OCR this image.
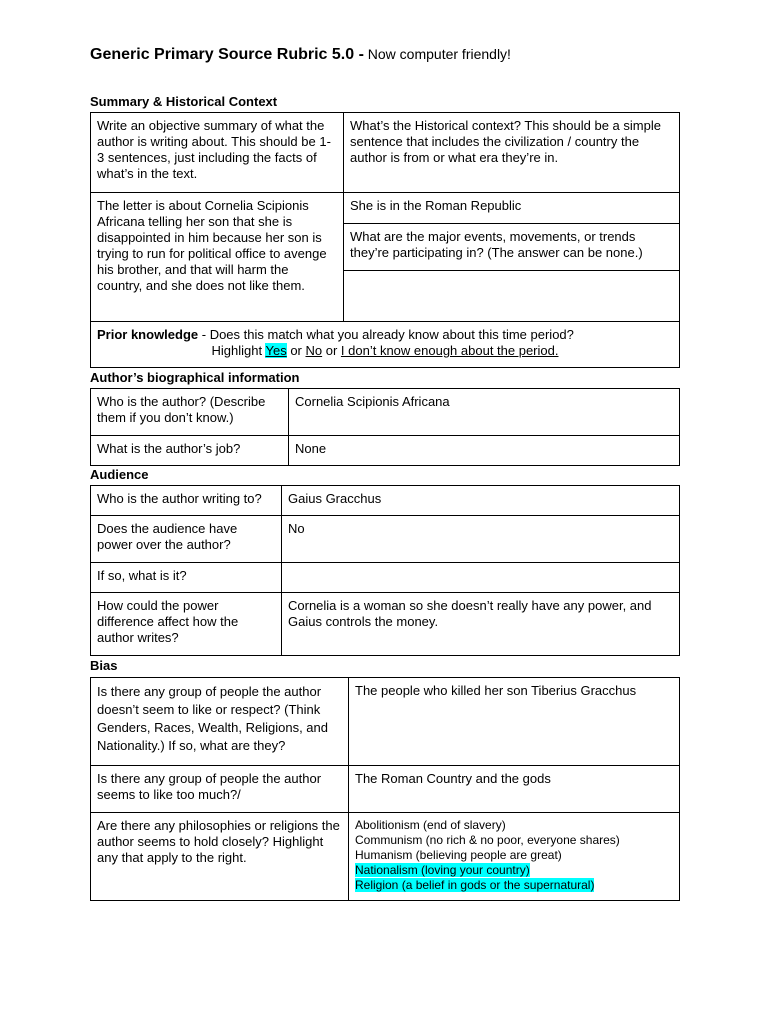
Generic Primary Source Rubric 5.0 - Now computer friendly!
Summary & Historical Context
Write an objective summary of what the author is writing about. This should be 1-3 sentences, just including the facts of what’s in the text.	What’s the Historical context? This should be a simple sentence that includes the civilization / country the author is from or what era they’re in.
The letter is about Cornelia Scipionis Africana telling her son that she is disappointed in him because her son is trying to run for political office to avenge his brother, and that will harm the country, and she does not like them.	She is in the Roman Republic
	What are the major events, movements, or trends they’re participating in? (The answer can be none.)

Prior knowledge - Does this match what you already know about this time period?
Highlight Yes or No or I don’t know enough about the period.	
Author’s biographical information
Who is the author? (Describe them if you don’t know.)	Cornelia Scipionis Africana
What is the author’s job?	None
Audience
Who is the author writing to?	Gaius Gracchus
Does the audience have power over the author?	No
If so, what is it?	
How could the power difference affect how the author writes?	Cornelia is a woman so she doesn’t really have any power, and Gaius controls the money.
Bias
Is there any group of people the author doesn’t seem to like or respect? (Think Genders, Races, Wealth, Religions, and Nationality.) If so, what are they?	The people who killed her son Tiberius Gracchus
Is there any group of people the author seems to like too much?/	The Roman Country and the gods
Are there any philosophies or religions the author seems to hold closely? Highlight any that apply to the right.	Abolitionism (end of slavery)
Communism (no rich & no poor, everyone shares)
Humanism (believing people are great)
Nationalism (loving your country)
Religion (a belief in gods or the supernatural)
